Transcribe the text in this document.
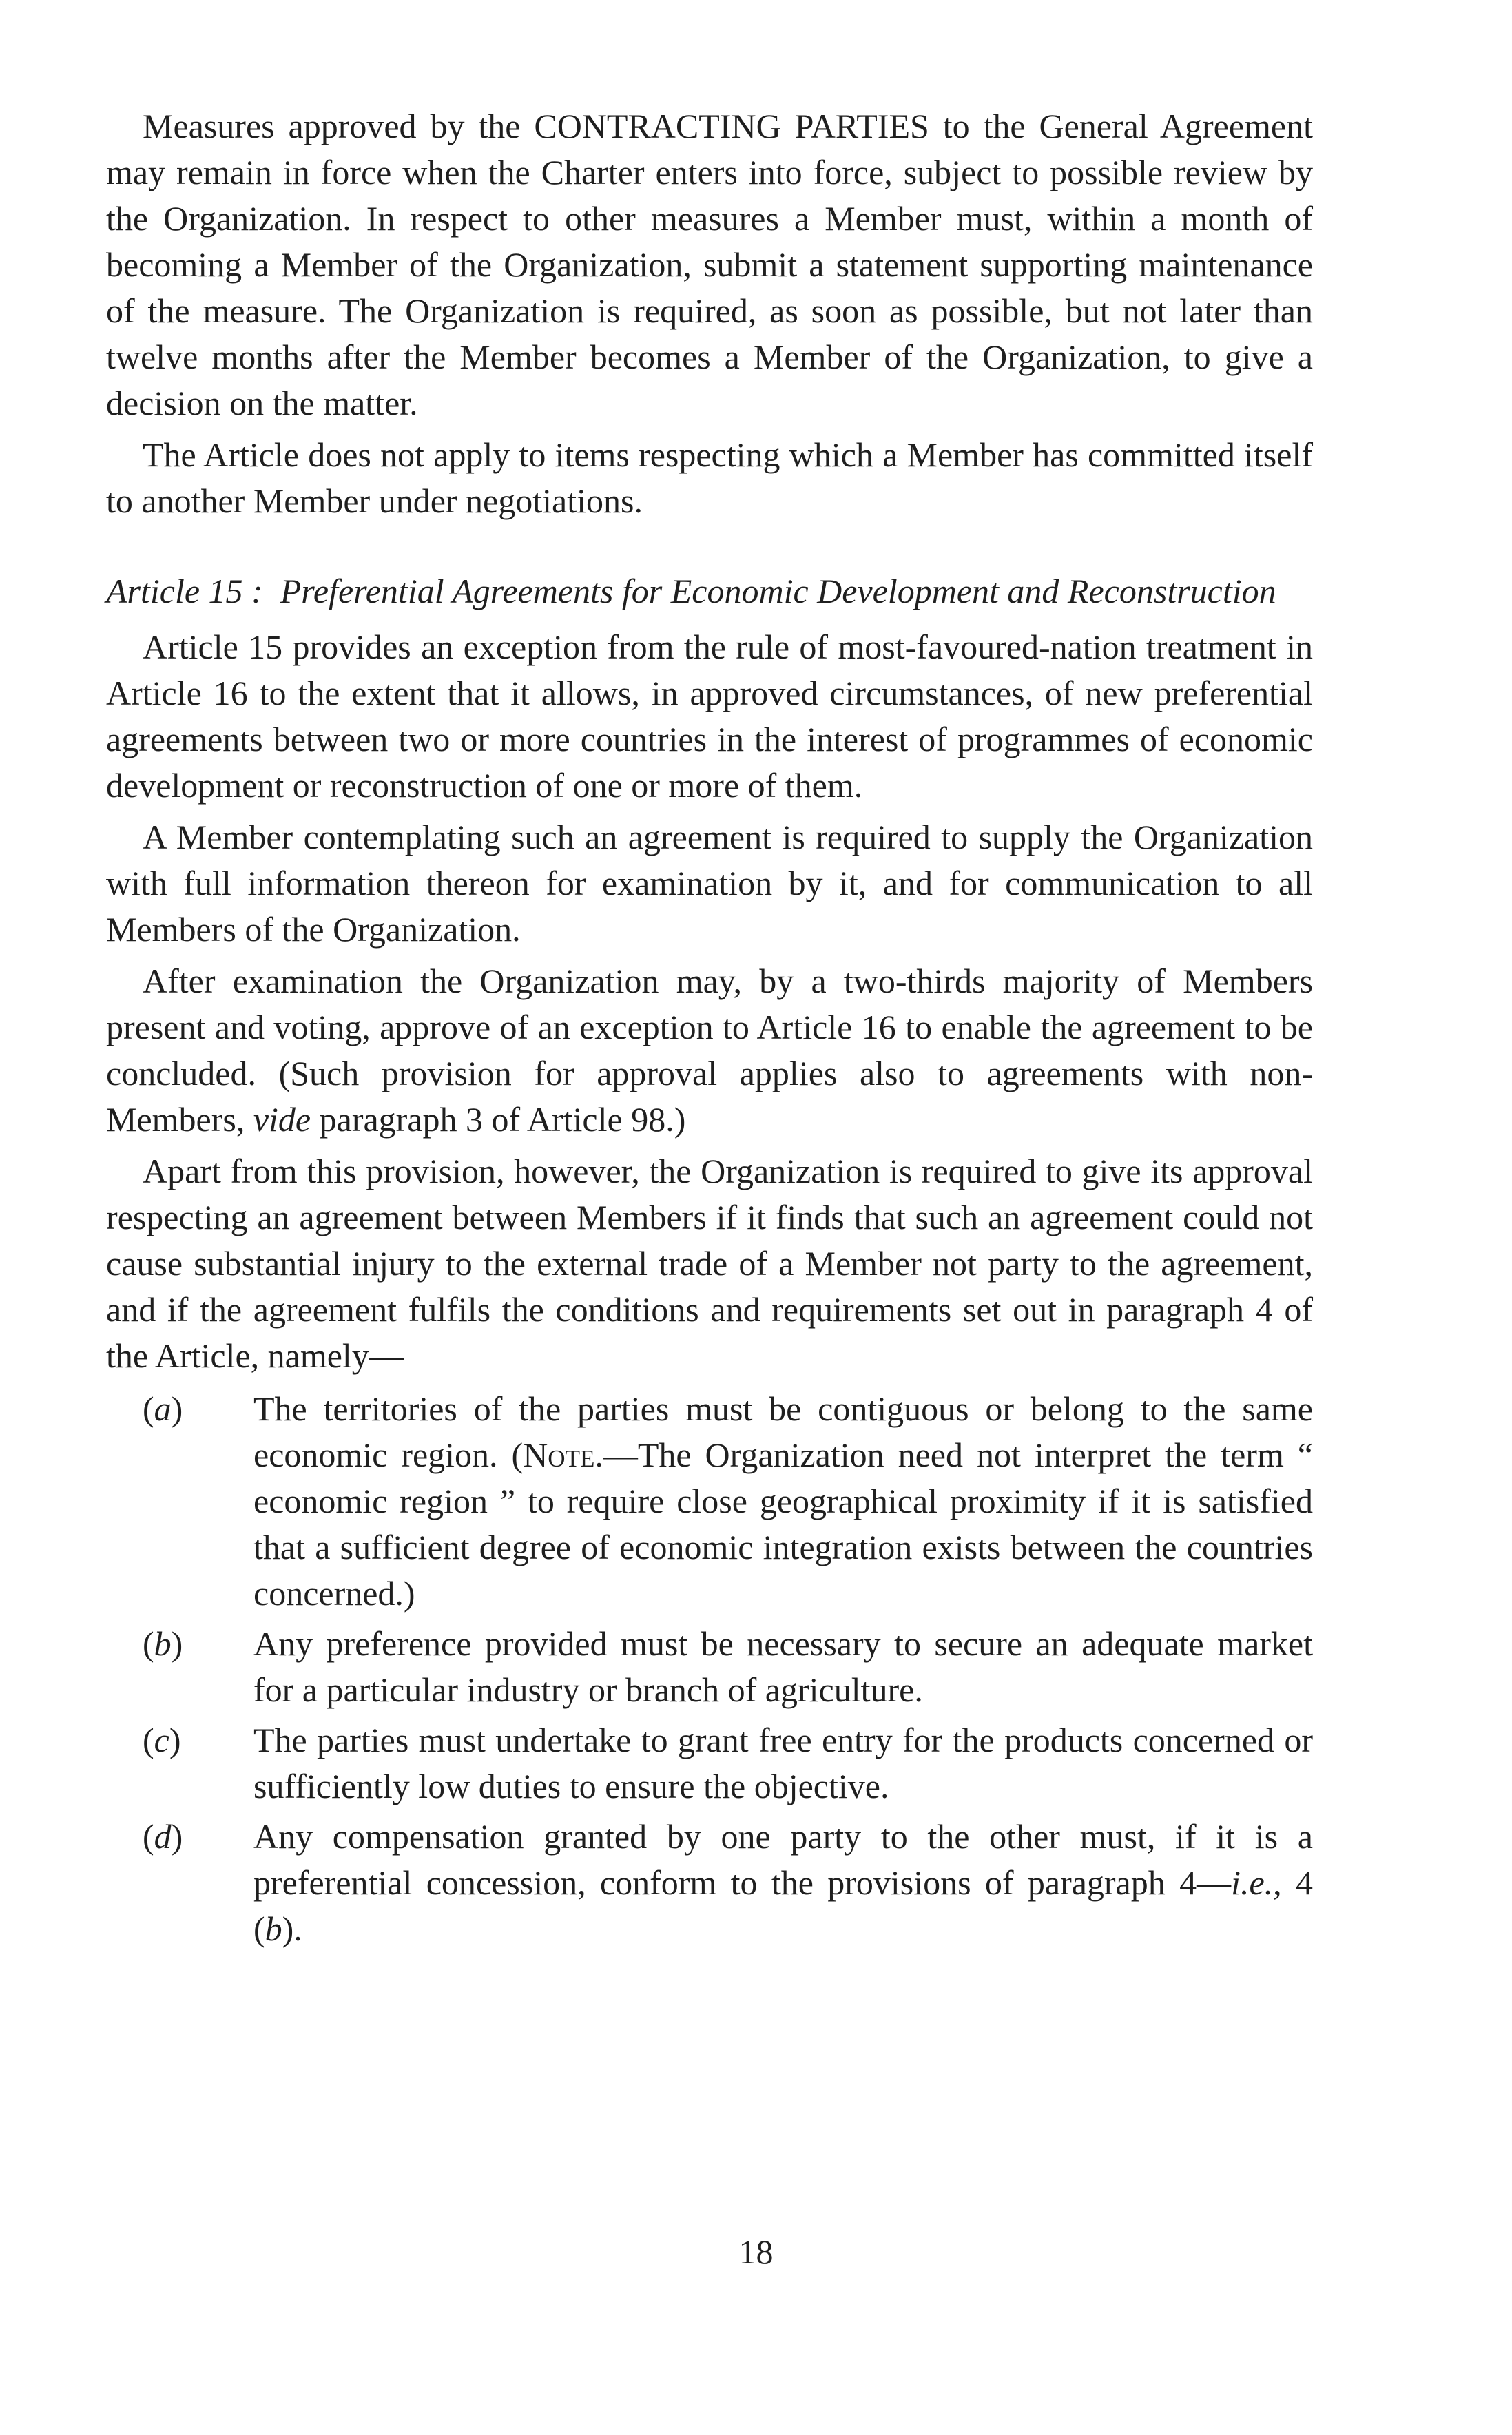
Measures approved by the CONTRACTING PARTIES to the General Agreement may remain in force when the Charter enters into force, subject to possible review by the Organization. In respect to other measures a Member must, within a month of becoming a Member of the Organization, submit a statement supporting maintenance of the measure. The Organization is required, as soon as possible, but not later than twelve months after the Member becomes a Member of the Organization, to give a decision on the matter.

The Article does not apply to items respecting which a Member has committed itself to another Member under negotiations.

Article 15 : Preferential Agreements for Economic Development and Reconstruction

Article 15 provides an exception from the rule of most-favoured-nation treatment in Article 16 to the extent that it allows, in approved circumstances, of new preferential agreements between two or more countries in the interest of programmes of economic development or reconstruction of one or more of them.

A Member contemplating such an agreement is required to supply the Organization with full information thereon for examination by it, and for communication to all Members of the Organization.

After examination the Organization may, by a two-thirds majority of Members present and voting, approve of an exception to Article 16 to enable the agreement to be concluded. (Such provision for approval applies also to agreements with non-Members, vide paragraph 3 of Article 98.)

Apart from this provision, however, the Organization is required to give its approval respecting an agreement between Members if it finds that such an agreement could not cause substantial injury to the external trade of a Member not party to the agreement, and if the agreement fulfils the conditions and requirements set out in paragraph 4 of the Article, namely—

(a)	The territories of the parties must be contiguous or belong to the same economic region. (Note.—The Organization need not interpret the term “ economic region ” to require close geographical proximity if it is satisfied that a sufficient degree of economic integration exists between the countries concerned.)
(b)	Any preference provided must be necessary to secure an adequate market for a particular industry or branch of agriculture.
(c)	The parties must undertake to grant free entry for the products concerned or sufficiently low duties to ensure the objective.
(d)	Any compensation granted by one party to the other must, if it is a preferential concession, conform to the provisions of paragraph 4—i.e., 4 (b).
18
